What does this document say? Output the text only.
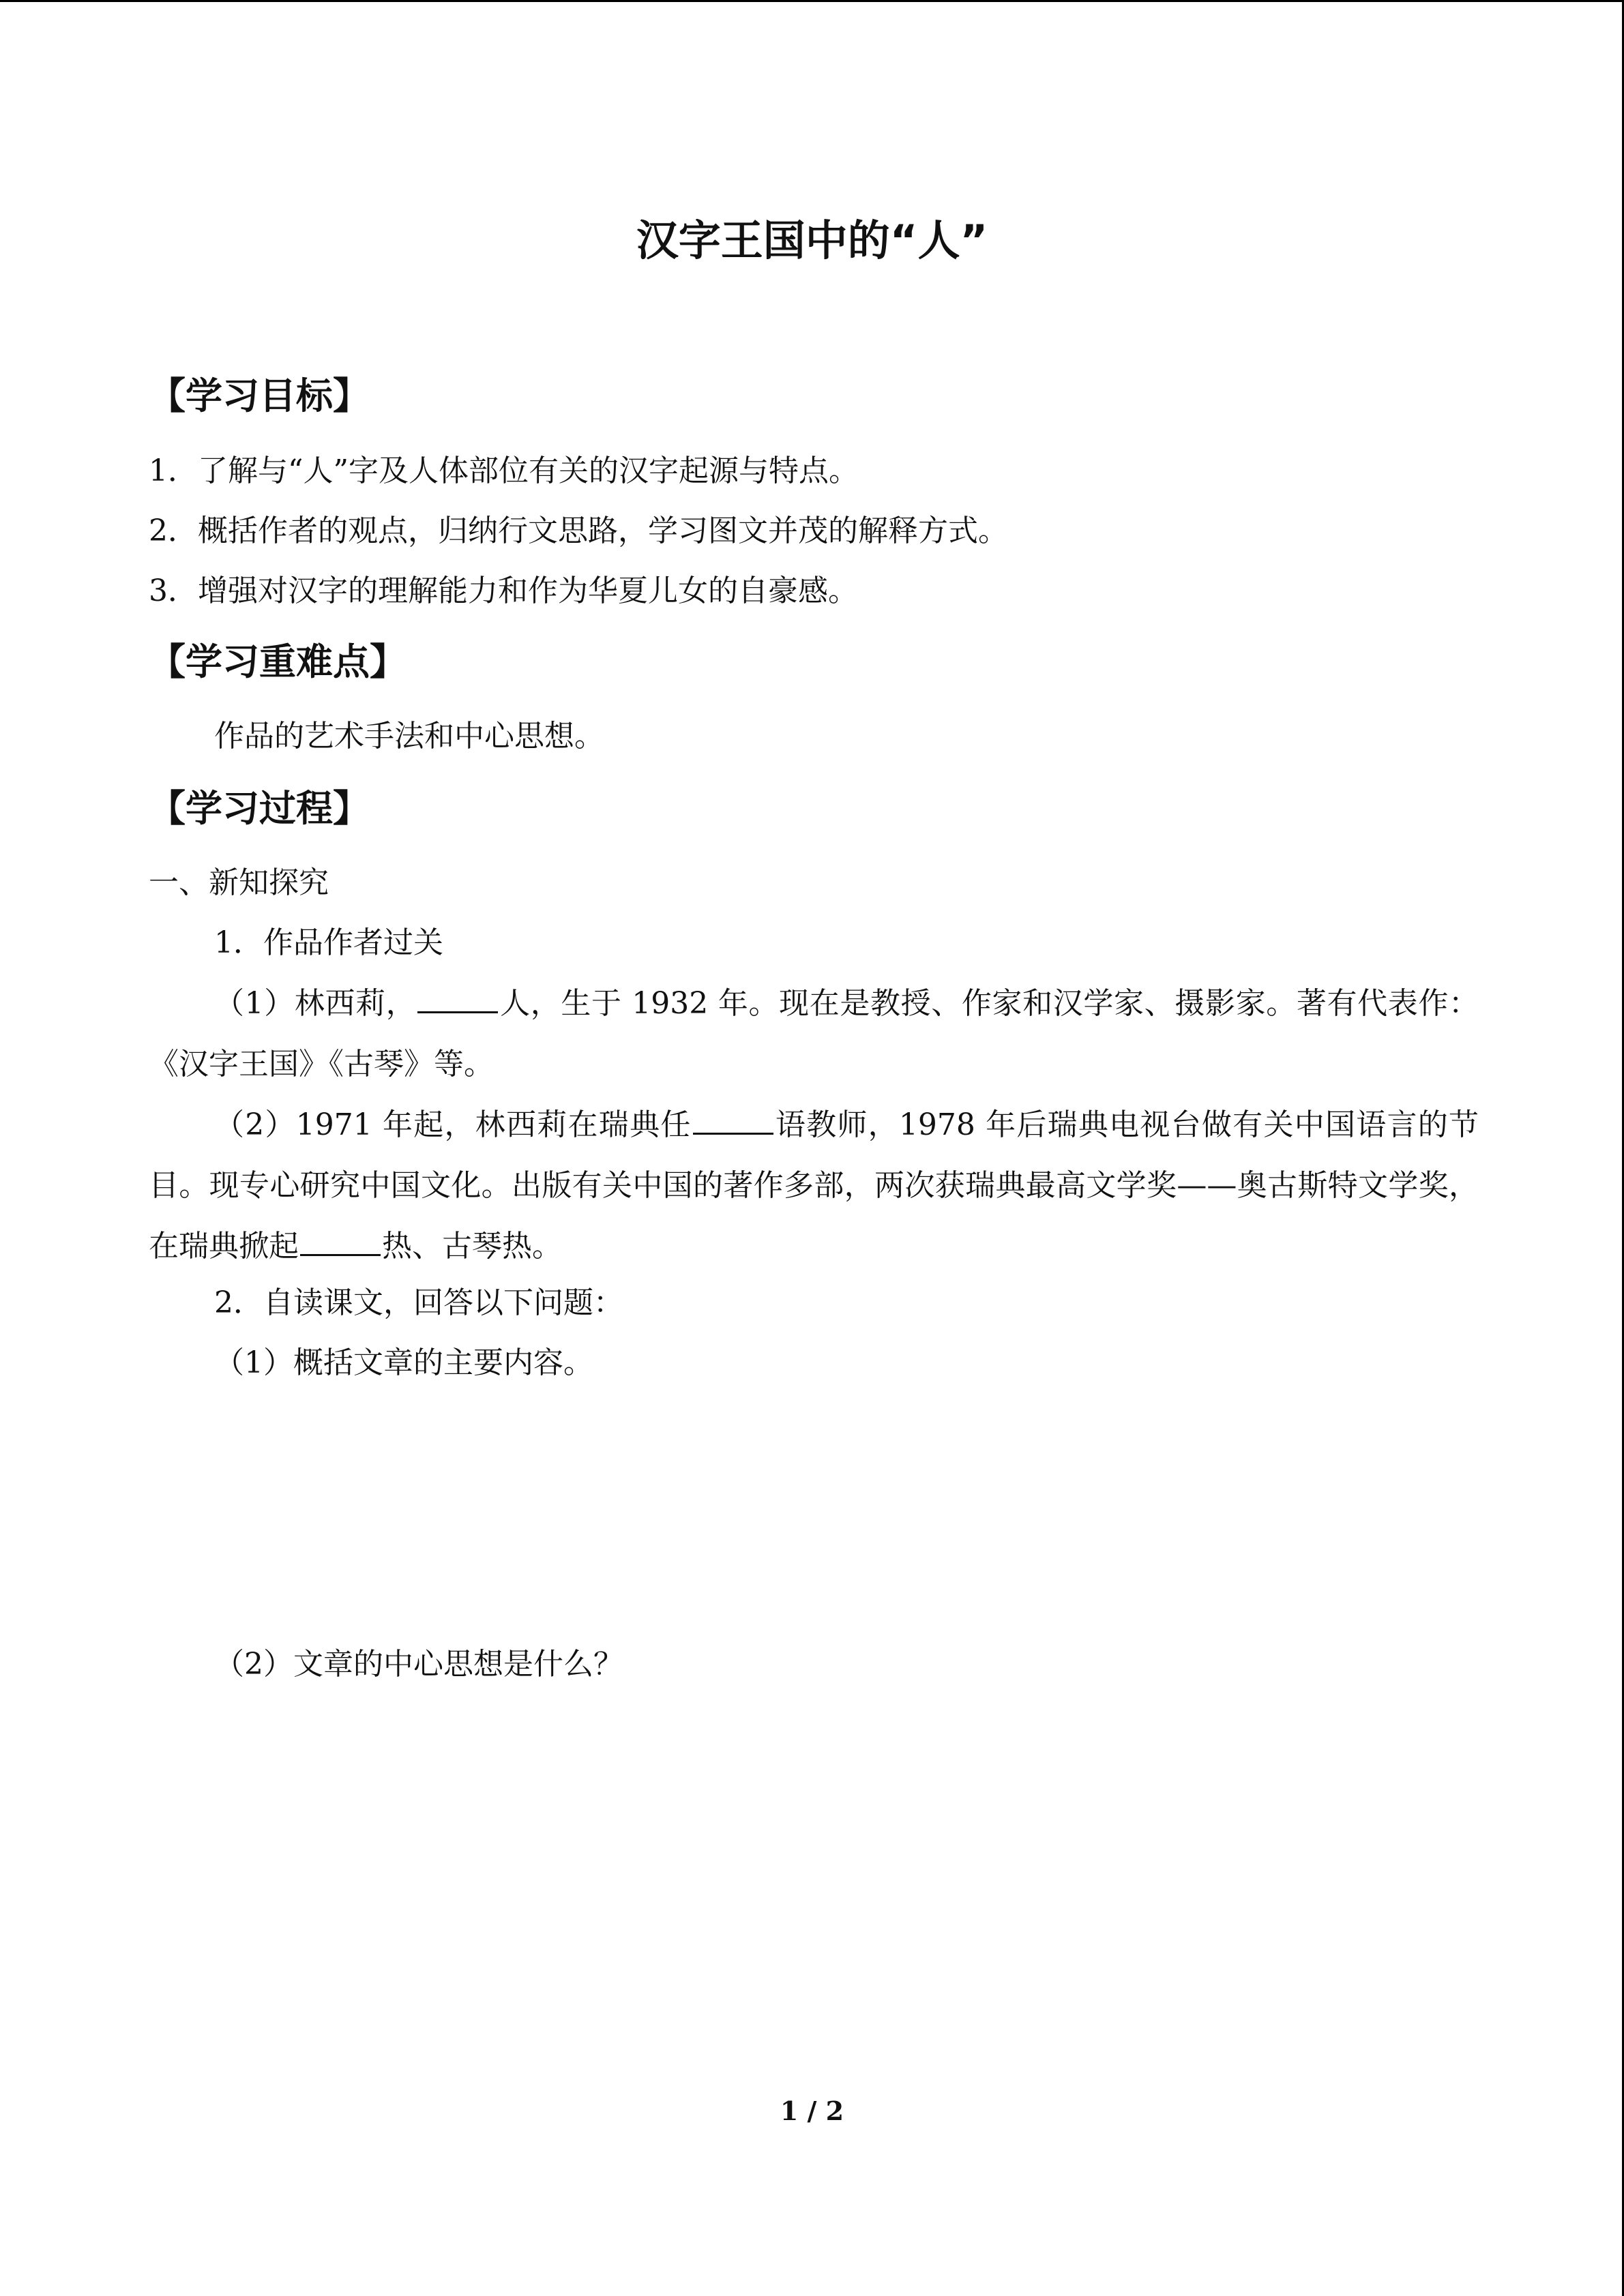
汉字王国中的“人”
【学习目标】
1．了解与“人”字及人体部位有关的汉字起源与特点。
2．概括作者的观点，归纳行文思路，学习图文并茂的解释方式。
3．增强对汉字的理解能力和作为华夏儿女的自豪感。
【学习重难点】
作品的艺术手法和中心思想。
【学习过程】
一、新知探究
1．作品作者过关
（1）林西莉，	人，生于 1932 年。现在是教授、作家和汉学家、摄影家。著有代表作：《汉字王国》《古琴》等。
（2）1971 年起，林西莉在瑞典任	语教师，1978 年后瑞典电视台做有关中国语言的节目。现专心研究中国文化。出版有关中国的著作多部，两次获瑞典最高文学奖——奥古斯特文学奖，在瑞典掀起	热、古琴热。
2．自读课文，回答以下问题：
（1）概括文章的主要内容。
（2）文章的中心思想是什么？
1 / 2
